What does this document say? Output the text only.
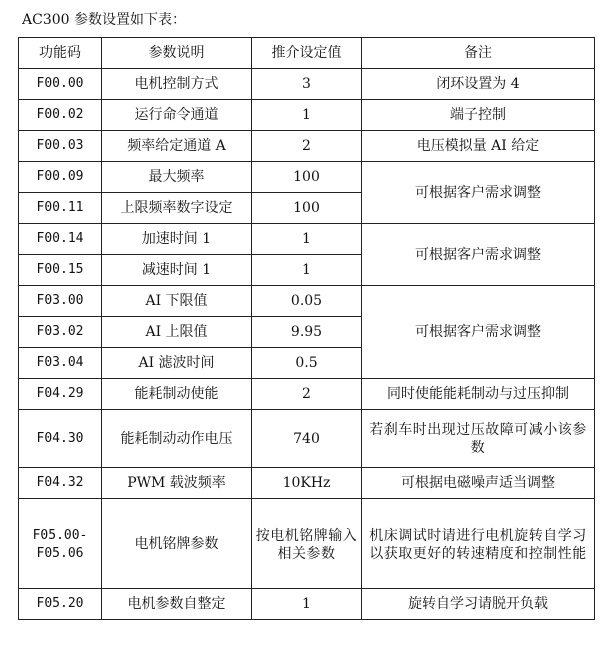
AC300 参数设置如下表：
功能码	参数说明	推介设定值	备注
F00.00	电机控制方式	3	闭环设置为 4
F00.02	运行命令通道	1	端子控制
F00.03	频率给定通道 A	2	电压模拟量 AI 给定
F00.09	最大频率	100	可根据客户需求调整
F00.11	上限频率数字设定	100	
F00.14	加速时间 1	1	可根据客户需求调整
F00.15	减速时间 1	1	
F03.00	AI 下限值	0.05	可根据客户需求调整
F03.02	AI 上限值	9.95	
F03.04	AI 滤波时间	0.5	
F04.29	能耗制动使能	2	同时使能能耗制动与过压抑制
F04.30	能耗制动动作电压	740	若刹车时出现过压故障可减小该参数
F04.32	PWM 载波频率	10KHz	可根据电磁噪声适当调整
F05.00-F05.06	电机铭牌参数	按电机铭牌输入相关参数	机床调试时请进行电机旋转自学习以获取更好的转速精度和控制性能
F05.20	电机参数自整定	1	旋转自学习请脱开负载
